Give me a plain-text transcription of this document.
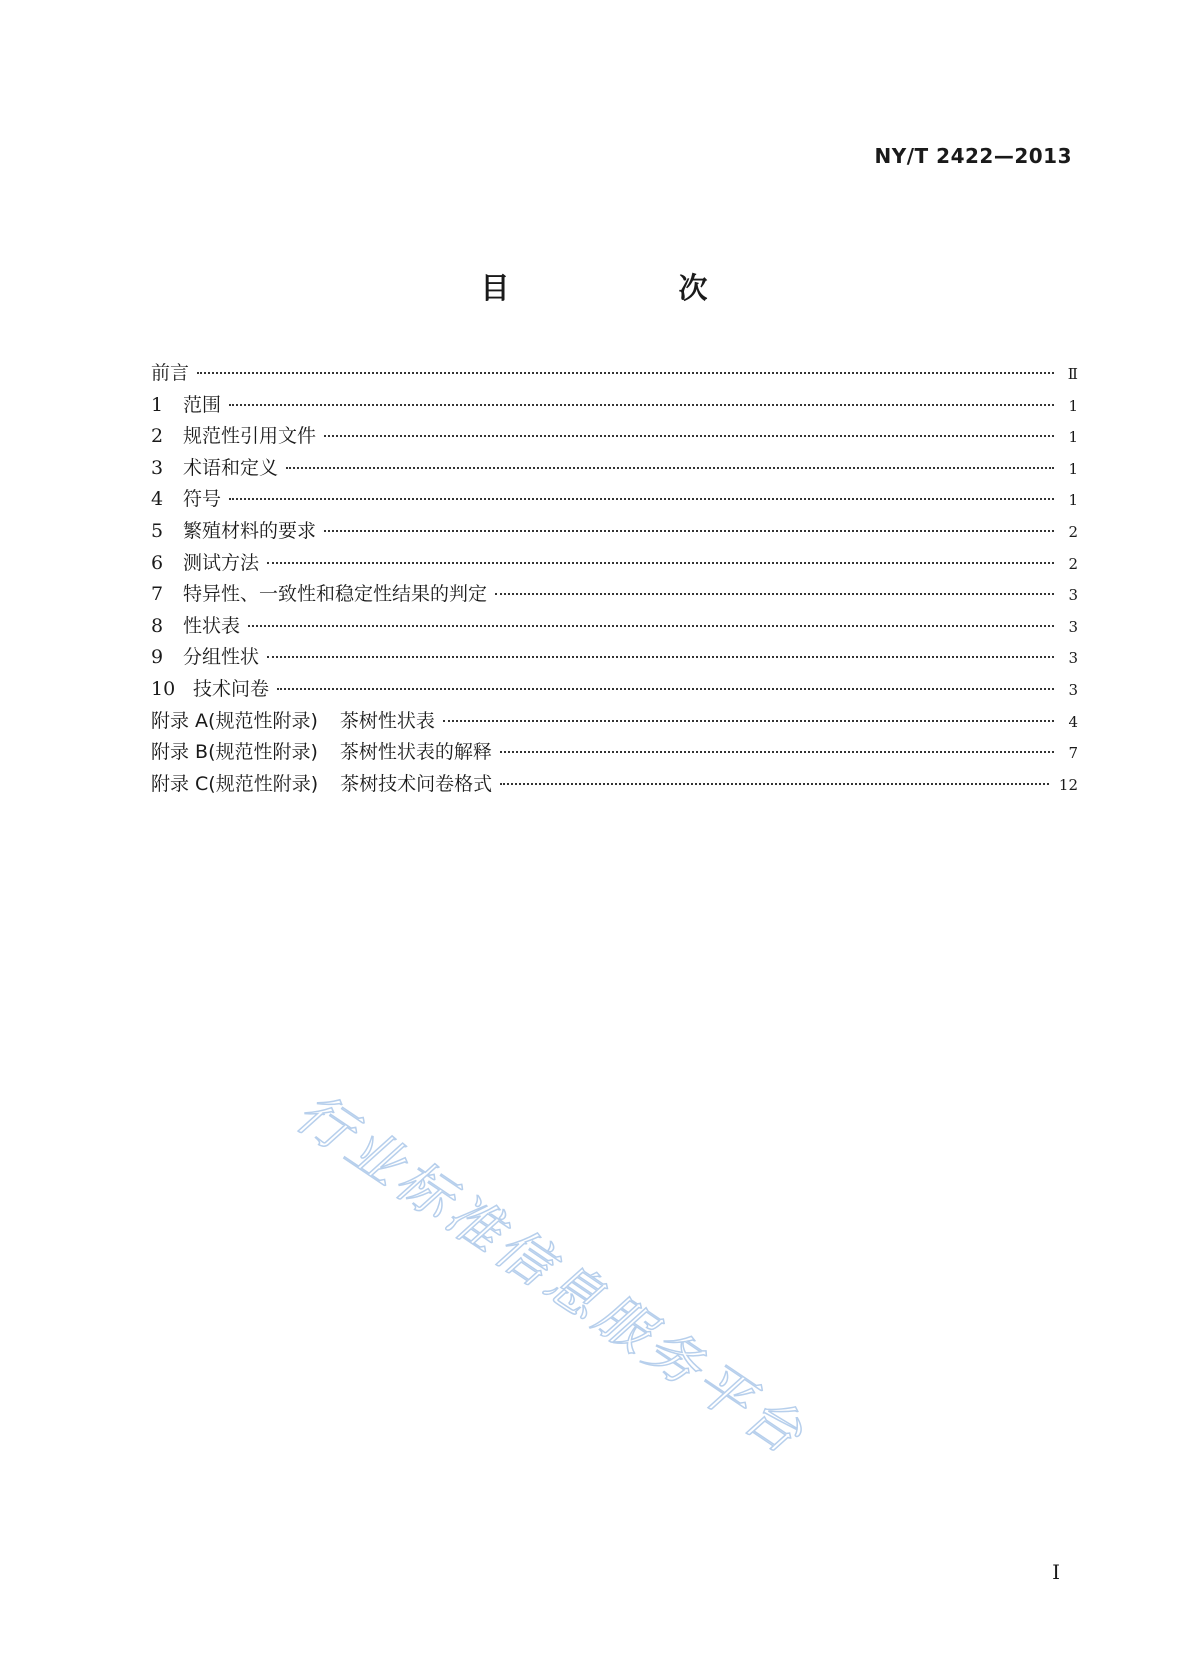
NY/T 2422—2013
目　次
前言	Ⅱ
1	范围	1
2	规范性引用文件	1
3	术语和定义	1
4	符号	1
5	繁殖材料的要求	2
6	测试方法	2
7	特异性、一致性和稳定性结果的判定	3
8	性状表	3
9	分组性状	3
10 技术问卷	3
附录 A(规范性附录) 茶树性状表	4
附录 B(规范性附录) 茶树性状表的解释	7
附录 C(规范性附录) 茶树技术问卷格式	12
行业标准信息服务平台
I
